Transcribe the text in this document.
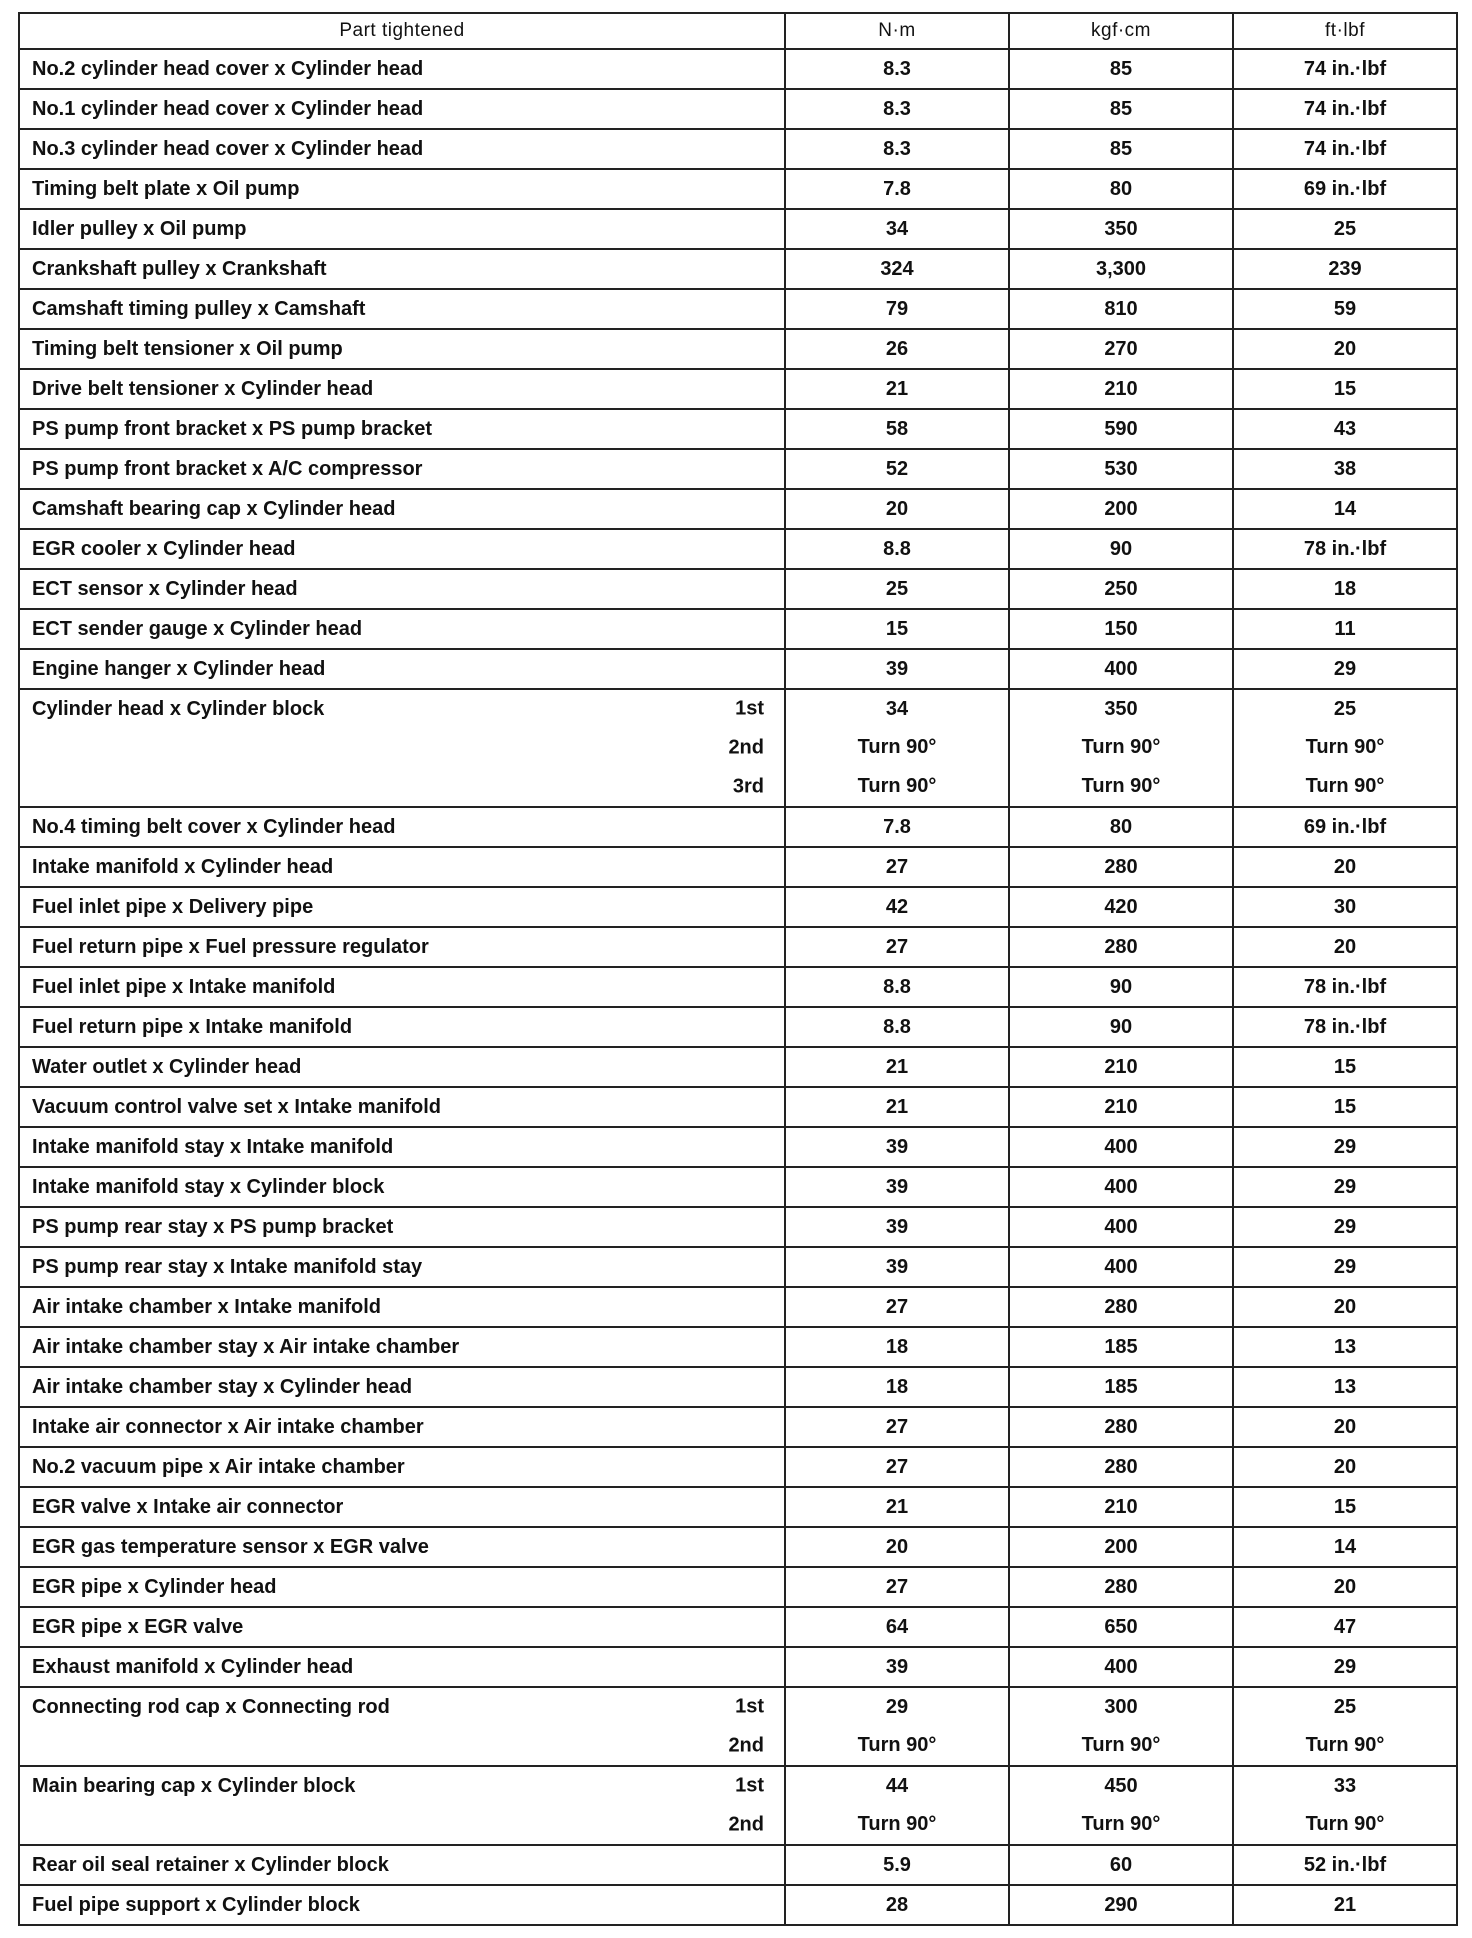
Part tightened	N·m	kgf·cm	ft·lbf
No.2 cylinder head cover x Cylinder head	8.3	85	74 in.·lbf
No.1 cylinder head cover x Cylinder head	8.3	85	74 in.·lbf
No.3 cylinder head cover x Cylinder head	8.3	85	74 in.·lbf
Timing belt plate x Oil pump	7.8	80	69 in.·lbf
Idler pulley x Oil pump	34	350	25
Crankshaft pulley x Crankshaft	324	3,300	239
Camshaft timing pulley x Camshaft	79	810	59
Timing belt tensioner x Oil pump	26	270	20
Drive belt tensioner x Cylinder head	21	210	15
PS pump front bracket x PS pump bracket	58	590	43
PS pump front bracket x A/C compressor	52	530	38
Camshaft bearing cap x Cylinder head	20	200	14
EGR cooler x Cylinder head	8.8	90	78 in.·lbf
ECT sensor x Cylinder head	25	250	18
ECT sender gauge x Cylinder head	15	150	11
Engine hanger x Cylinder head	39	400	29
Cylinder head x Cylinder block 1st	34	350	25

2nd	Turn 90°	Turn 90°	Turn 90°

3rd	Turn 90°	Turn 90°	Turn 90°
No.4 timing belt cover x Cylinder head	7.8	80	69 in.·lbf
Intake manifold x Cylinder head	27	280	20
Fuel inlet pipe x Delivery pipe	42	420	30
Fuel return pipe x Fuel pressure regulator	27	280	20
Fuel inlet pipe x Intake manifold	8.8	90	78 in.·lbf
Fuel return pipe x Intake manifold	8.8	90	78 in.·lbf
Water outlet x Cylinder head	21	210	15
Vacuum control valve set x Intake manifold	21	210	15
Intake manifold stay x Intake manifold	39	400	29
Intake manifold stay x Cylinder block	39	400	29
PS pump rear stay x PS pump bracket	39	400	29
PS pump rear stay x Intake manifold stay	39	400	29
Air intake chamber x Intake manifold	27	280	20
Air intake chamber stay x Air intake chamber	18	185	13
Air intake chamber stay x Cylinder head	18	185	13
Intake air connector x Air intake chamber	27	280	20
No.2 vacuum pipe x Air intake chamber	27	280	20
EGR valve x Intake air connector	21	210	15
EGR gas temperature sensor x EGR valve	20	200	14
EGR pipe x Cylinder head	27	280	20
EGR pipe x EGR valve	64	650	47
Exhaust manifold x Cylinder head	39	400	29
Connecting rod cap x Connecting rod 1st	29	300	25

2nd	Turn 90°	Turn 90°	Turn 90°
Main bearing cap x Cylinder block 1st	44	450	33

2nd	Turn 90°	Turn 90°	Turn 90°
Rear oil seal retainer x Cylinder block	5.9	60	52 in.·lbf
Fuel pipe support x Cylinder block	28	290	21
